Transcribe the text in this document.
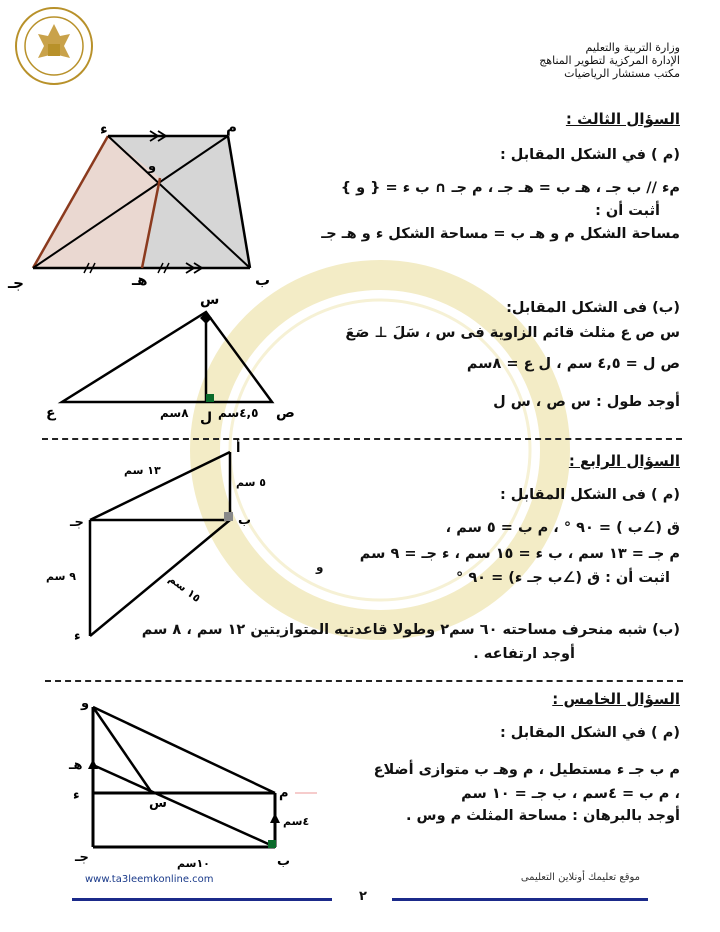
وزارة التربية والتعليم
الإدارة المركزية لتطوير المناهج
مكتب مستشار الرياضيات
السؤال الثالث :
(م ) في الشكل المقابل :
مء // ب جـ ، هـ ب = هـ جـ ، م جـ ∩ ب ء = { و }
أثبت أن :
مساحة الشكل م و هـ ب = مساحة الشكل ء و هـ جـ
م
ء
و
ب
جـ	هـ
(ب) فى الشكل المقابل:
س ص ع مثلث قائم الزاوية فى س ، سَلَ ⊥ صَعَ
ص ل = ٤,٥ سم ، ل ع = ٨سم
أوجد طول : س ص ، س ل
س
ع	ص
ل
٨سم ٤,٥سم
السؤال الرابع :
(م ) فى الشكل المقابل :
ق (∠ب ) = ٩٠ ° ، م ب = ٥ سم ،
م جـ = ١٣ سم ، ب ء = ١٥ سم ، ء جـ = ٩ سم
و
اثبت أن : ق (∠ب جـ ء) = ٩٠ °
أ
ب
جـ
ء
١٣ سم
٥ سم
١٥ سم
٩ سم
(ب) شبه منحرف مساحته ٦٠ سم٢ وطولا قاعدتيه المتوازيتين ١٢ سم ، ٨ سم
أوجد ارتفاعه .
السؤال الخامس :
(م ) في الشكل المقابل :
م ب جـ ء مستطيل ، م وهـ ب متوازى أضلاع
، م ب = ٤سم ، ب جـ = ١٠ سم
أوجد بالبرهان : مساحة المثلث م وس .
و
هـ
ء
س
م
جـ	ب
٤سم
١٠سم
www.ta3leemkonline.com	موقع تعليمك أونلاين التعليمى
٢
